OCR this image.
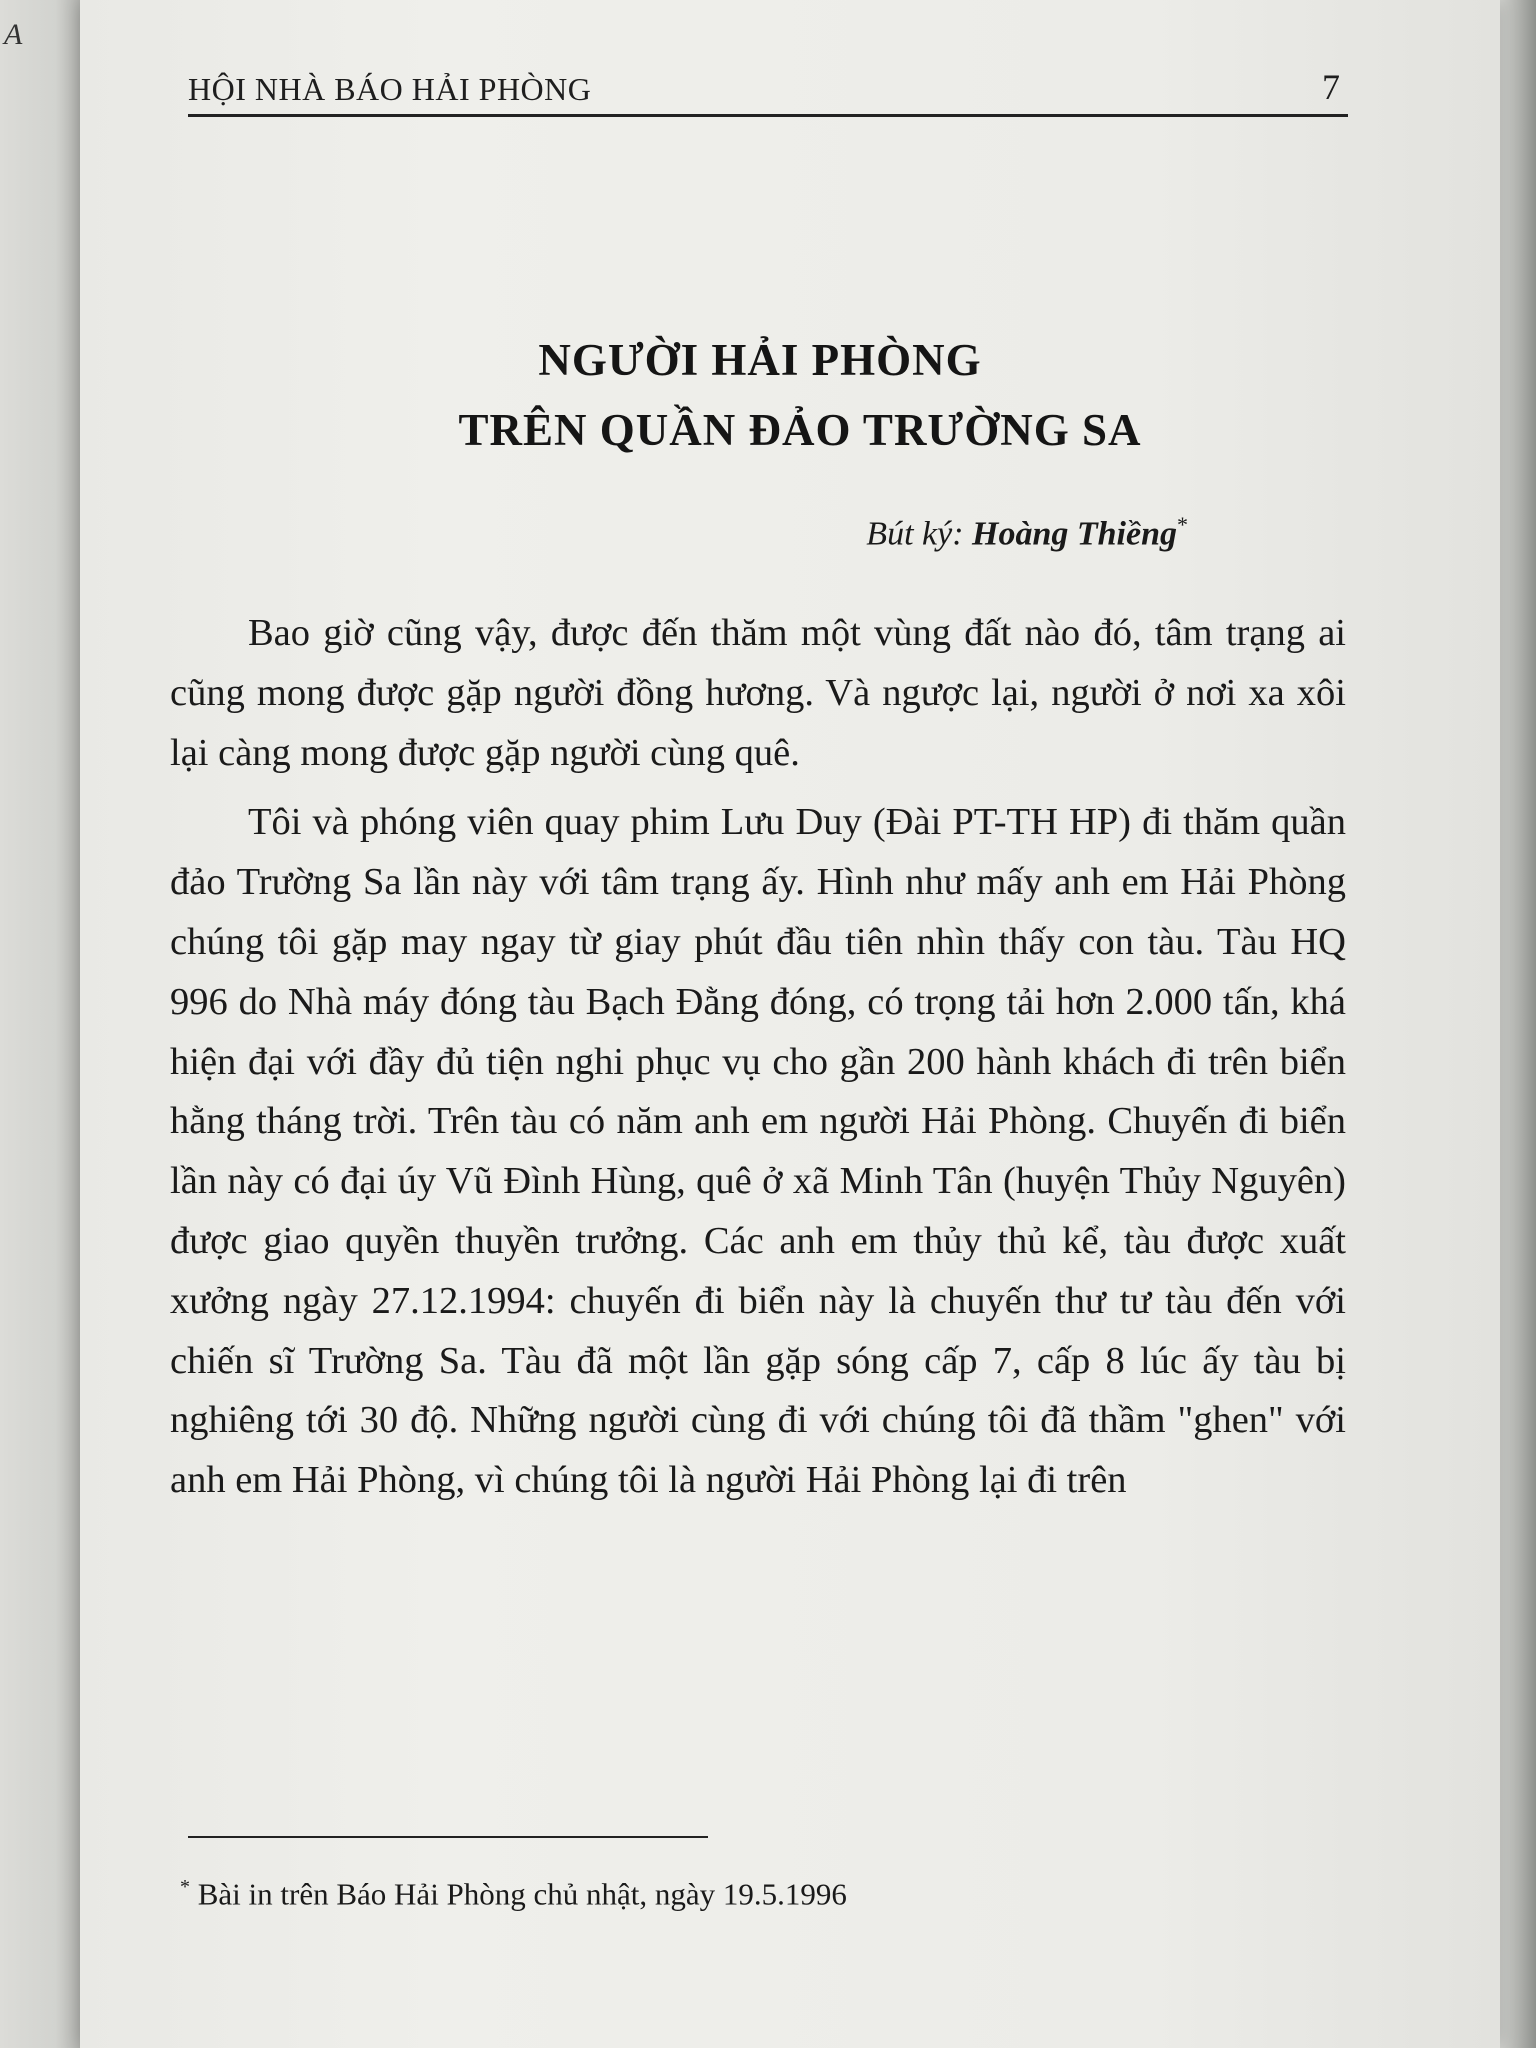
A
HỘI NHÀ BÁO HẢI PHÒNG	7
NGƯỜI HẢI PHÒNG
TRÊN QUẦN ĐẢO TRƯỜNG SA
Bút ký: Hoàng Thiềng*

Bao giờ cũng vậy, được đến thăm một vùng đất nào đó, tâm trạng ai cũng mong được gặp người đồng hương. Và ngược lại, người ở nơi xa xôi lại càng mong được gặp người cùng quê.

Tôi và phóng viên quay phim Lưu Duy (Đài PT-TH HP) đi thăm quần đảo Trường Sa lần này với tâm trạng ấy. Hình như mấy anh em Hải Phòng chúng tôi gặp may ngay từ giay phút đầu tiên nhìn thấy con tàu. Tàu HQ 996 do Nhà máy đóng tàu Bạch Đằng đóng, có trọng tải hơn 2.000 tấn, khá hiện đại với đầy đủ tiện nghi phục vụ cho gần 200 hành khách đi trên biển hằng tháng trời. Trên tàu có năm anh em người Hải Phòng. Chuyến đi biển lần này có đại úy Vũ Đình Hùng, quê ở xã Minh Tân (huyện Thủy Nguyên) được giao quyền thuyền trưởng. Các anh em thủy thủ kể, tàu được xuất xưởng ngày 27.12.1994: chuyến đi biển này là chuyến thư tư tàu đến với chiến sĩ Trường Sa. Tàu đã một lần gặp sóng cấp 7, cấp 8 lúc ấy tàu bị nghiêng tới 30 độ. Những người cùng đi với chúng tôi đã thầm "ghen" với anh em Hải Phòng, vì chúng tôi là người Hải Phòng lại đi trên

* Bài in trên Báo Hải Phòng chủ nhật, ngày 19.5.1996
